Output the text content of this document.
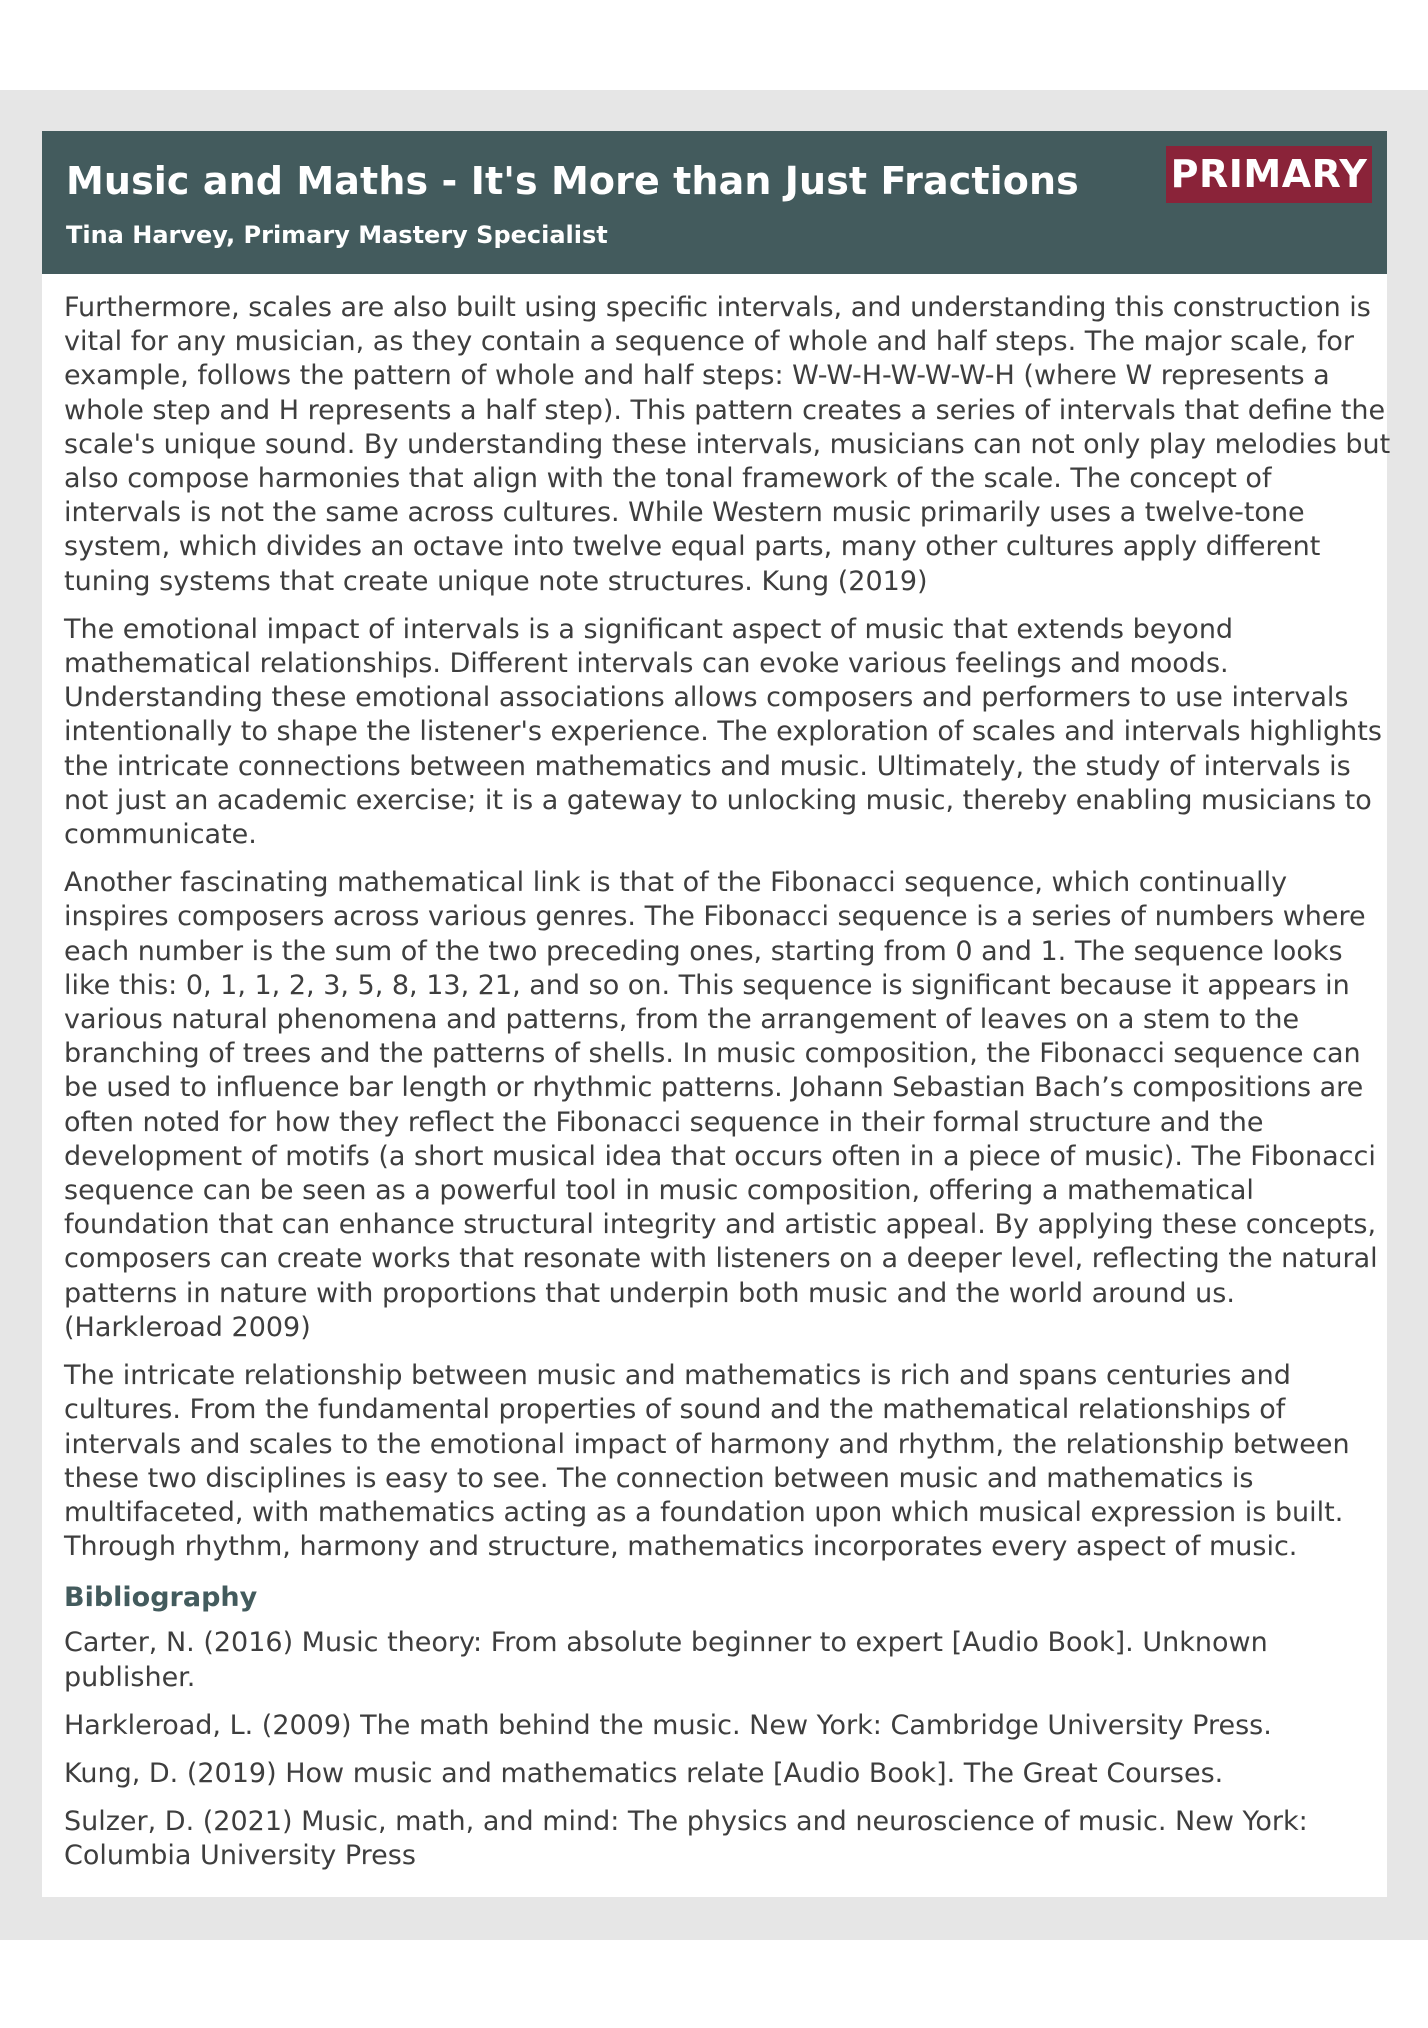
Music and Maths - It's More than Just Fractions

Tina Harvey, Primary Mastery Specialist

PRIMARY

Furthermore, scales are also built using specific intervals, and understanding this construction is vital for any musician, as they contain a sequence of whole and half steps. The major scale, for example, follows the pattern of whole and half steps: W-W-H-W-W-W-H (where W represents a whole step and H represents a half step). This pattern creates a series of intervals that define the scale's unique sound. By understanding these intervals, musicians can not only play melodies but also compose harmonies that align with the tonal framework of the scale. The concept of intervals is not the same across cultures. While Western music primarily uses a twelve-tone system, which divides an octave into twelve equal parts, many other cultures apply different tuning systems that create unique note structures. Kung (2019)

The emotional impact of intervals is a significant aspect of music that extends beyond mathematical relationships. Different intervals can evoke various feelings and moods. Understanding these emotional associations allows composers and performers to use intervals intentionally to shape the listener's experience. The exploration of scales and intervals highlights the intricate connections between mathematics and music. Ultimately, the study of intervals is not just an academic exercise; it is a gateway to unlocking music, thereby enabling musicians to communicate.

Another fascinating mathematical link is that of the Fibonacci sequence, which continually inspires composers across various genres. The Fibonacci sequence is a series of numbers where each number is the sum of the two preceding ones, starting from 0 and 1. The sequence looks like this: 0, 1, 1, 2, 3, 5, 8, 13, 21, and so on. This sequence is significant because it appears in various natural phenomena and patterns, from the arrangement of leaves on a stem to the branching of trees and the patterns of shells. In music composition, the Fibonacci sequence can be used to influence bar length or rhythmic patterns. Johann Sebastian Bach’s compositions are often noted for how they reflect the Fibonacci sequence in their formal structure and the development of motifs (a short musical idea that occurs often in a piece of music). The Fibonacci sequence can be seen as a powerful tool in music composition, offering a mathematical foundation that can enhance structural integrity and artistic appeal. By applying these concepts, composers can create works that resonate with listeners on a deeper level, reflecting the natural patterns in nature with proportions that underpin both music and the world around us. (Harkleroad 2009)

The intricate relationship between music and mathematics is rich and spans centuries and cultures. From the fundamental properties of sound and the mathematical relationships of intervals and scales to the emotional impact of harmony and rhythm, the relationship between these two disciplines is easy to see. The connection between music and mathematics is multifaceted, with mathematics acting as a foundation upon which musical expression is built. Through rhythm, harmony and structure, mathematics incorporates every aspect of music.

Bibliography

Carter, N. (2016) Music theory: From absolute beginner to expert [Audio Book]. Unknown publisher.

Harkleroad, L. (2009) The math behind the music. New York: Cambridge University Press.

Kung, D. (2019) How music and mathematics relate [Audio Book]. The Great Courses.

Sulzer, D. (2021) Music, math, and mind: The physics and neuroscience of music. New York: Columbia University Press
